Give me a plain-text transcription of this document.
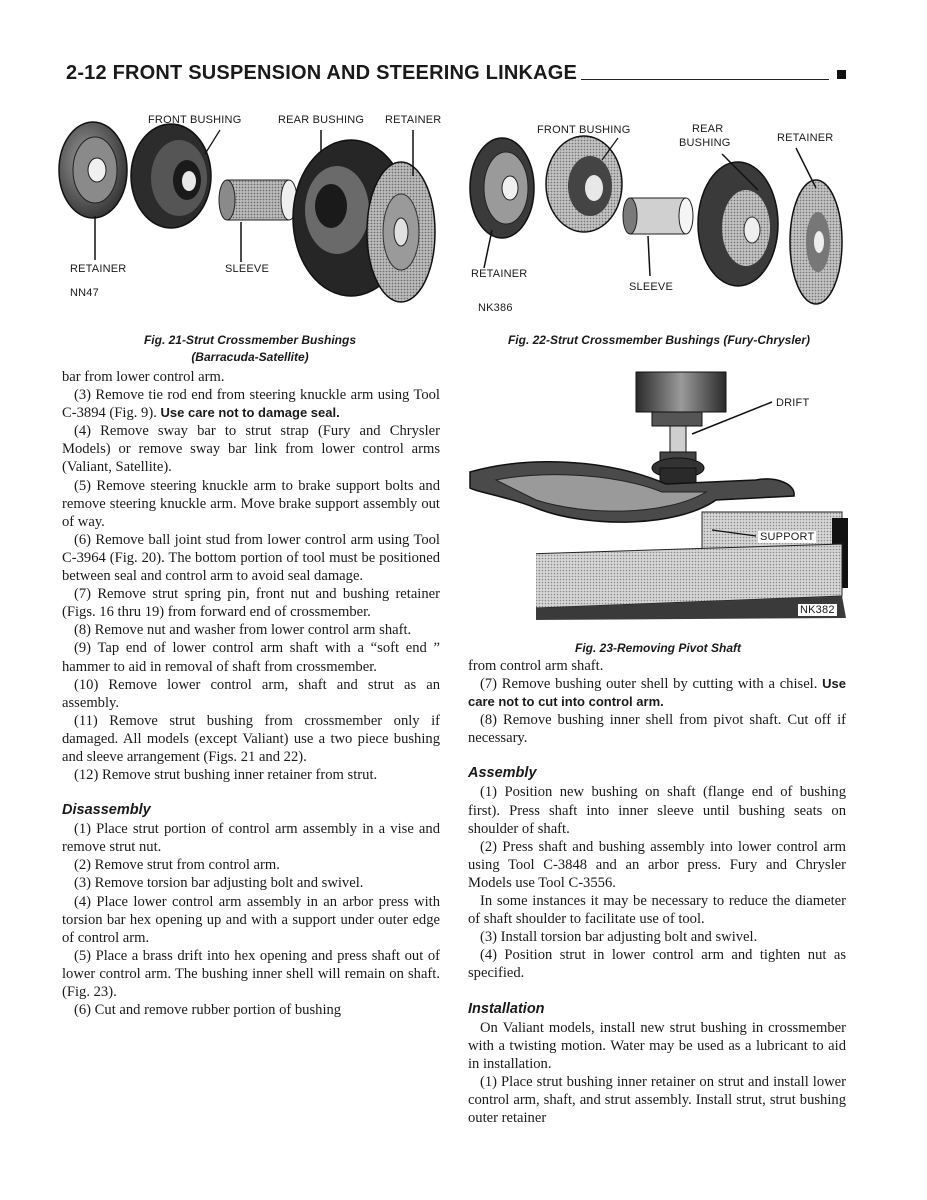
2-12 FRONT SUSPENSION AND STEERING LINKAGE
FRONT BUSHING	REAR BUSHING RETAINER
RETAINER	SLEEVE
NN47
Fig. 21-Strut Crossmember Bushings
(Barracuda-Satellite)
FRONT BUSHING	REAR
BUSHING	RETAINER
RETAINER
SLEEVE
NK386
Fig. 22-Strut Crossmember Bushings (Fury-Chrysler)

bar from lower control arm.

(3) Remove tie rod end from steering knuckle arm using Tool C-3894 (Fig. 9). Use care not to damage seal.

(4) Remove sway bar to strut strap (Fury and Chrysler Models) or remove sway bar link from lower control arms (Valiant, Satellite).

(5) Remove steering knuckle arm to brake support bolts and remove steering knuckle arm. Move brake support assembly out of way.

(6) Remove ball joint stud from lower control arm using Tool C-3964 (Fig. 20). The bottom portion of tool must be positioned between seal and control arm to avoid seal damage.

(7) Remove strut spring pin, front nut and bushing retainer (Figs. 16 thru 19) from forward end of crossmember.

(8) Remove nut and washer from lower control arm shaft.

(9) Tap end of lower control arm shaft with a “soft end ” hammer to aid in removal of shaft from crossmember.

(10) Remove lower control arm, shaft and strut as an assembly.

(11) Remove strut bushing from crossmember only if damaged. All models (except Valiant) use a two piece bushing and sleeve arrangement (Figs. 21 and 22).

(12) Remove strut bushing inner retainer from strut.

Disassembly

(1) Place strut portion of control arm assembly in a vise and remove strut nut.

(2) Remove strut from control arm.

(3) Remove torsion bar adjusting bolt and swivel.

(4) Place lower control arm assembly in an arbor press with torsion bar hex opening up and with a support under outer edge of control arm.

(5) Place a brass drift into hex opening and press shaft out of lower control arm. The bushing inner shell will remain on shaft. (Fig. 23).

(6) Cut and remove rubber portion of bushing

DRIFT
SUPPORT
NK382
Fig. 23-Removing Pivot Shaft

from control arm shaft.

(7) Remove bushing outer shell by cutting with a chisel. Use care not to cut into control arm.

(8) Remove bushing inner shell from pivot shaft. Cut off if necessary.

Assembly

(1) Position new bushing on shaft (flange end of bushing first). Press shaft into inner sleeve until bushing seats on shoulder of shaft.

(2) Press shaft and bushing assembly into lower control arm using Tool C-3848 and an arbor press. Fury and Chrysler Models use Tool C-3556.

In some instances it may be necessary to reduce the diameter of shaft shoulder to facilitate use of tool.

(3) Install torsion bar adjusting bolt and swivel.

(4) Position strut in lower control arm and tighten nut as specified.

Installation

On Valiant models, install new strut bushing in crossmember with a twisting motion. Water may be used as a lubricant to aid in installation.

(1) Place strut bushing inner retainer on strut and install lower control arm, shaft, and strut assembly. Install strut, strut bushing outer retainer
